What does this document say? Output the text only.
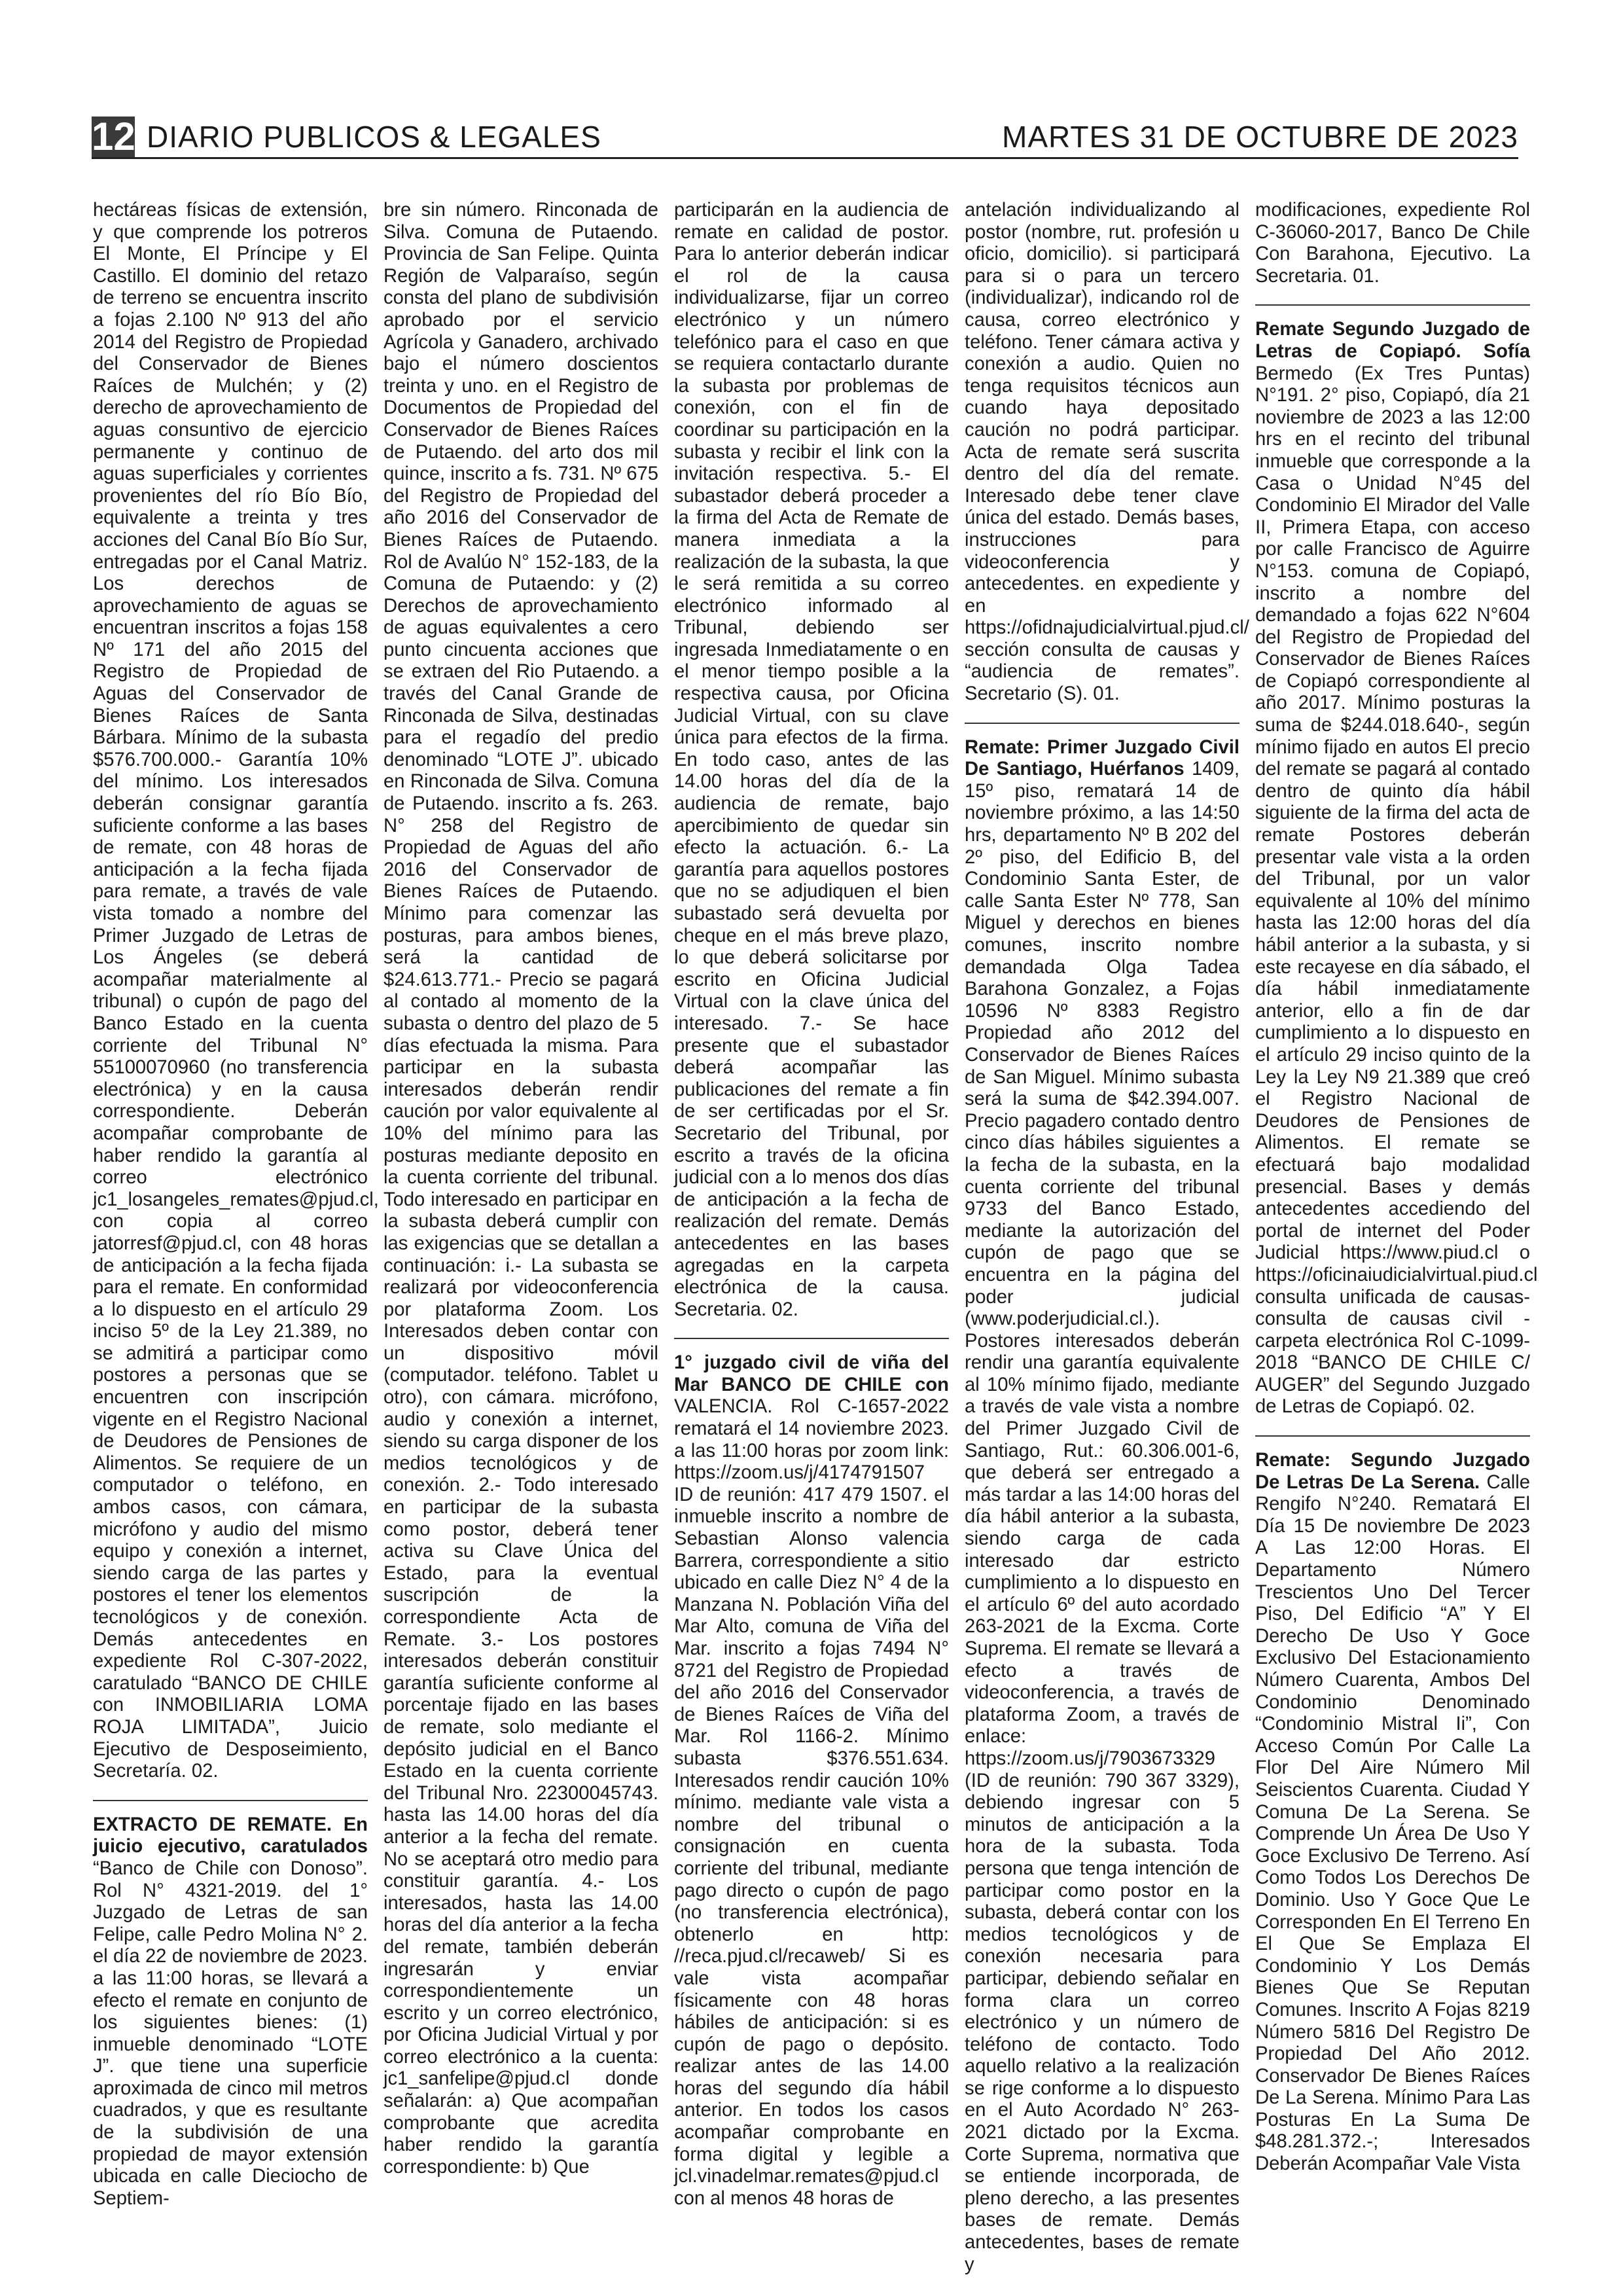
12 DIARIO PUBLICOS & LEGALES	MARTES 31 DE OCTUBRE DE 2023

hectáreas físicas de extensión, y que comprende los potreros El Monte, El Príncipe y El Castillo. El dominio del retazo de terreno se encuentra inscrito a fojas 2.100 Nº 913 del año 2014 del Registro de Propiedad del Conservador de Bienes Raíces de Mulchén; y (2) derecho de aprovechamiento de aguas consuntivo de ejercicio permanente y continuo de aguas superficiales y corrientes provenientes del río Bío Bío, equivalente a treinta y tres acciones del Canal Bío Bío Sur, entregadas por el Canal Matriz. Los derechos de aprovechamiento de aguas se encuentran inscritos a fojas 158 Nº 171 del año 2015 del Registro de Propiedad de Aguas del Conservador de Bienes Raíces de Santa Bárbara. Mínimo de la subasta $576.700.000.- Garantía 10% del mínimo. Los interesados deberán consignar garantía suficiente conforme a las bases de remate, con 48 horas de anticipación a la fecha fijada para remate, a través de vale vista tomado a nombre del Primer Juzgado de Letras de Los Ángeles (se deberá acompañar materialmente al tribunal) o cupón de pago del Banco Estado en la cuenta corriente del Tribunal N° 55100070960 (no transferencia electrónica) y en la causa correspondiente. Deberán acompañar comprobante de haber rendido la garantía al correo electrónico jc1_losangeles_remates@pjud.cl, con copia al correo jatorresf@pjud.cl, con 48 horas de anticipación a la fecha fijada para el remate. En conformidad a lo dispuesto en el artículo 29 inciso 5º de la Ley 21.389, no se admitirá a participar como postores a personas que se encuentren con inscripción vigente en el Registro Nacional de Deudores de Pensiones de Alimentos. Se requiere de un computador o teléfono, en ambos casos, con cámara, micrófono y audio del mismo equipo y conexión a internet, siendo carga de las partes y postores el tener los elementos tecnológicos y de conexión. Demás antecedentes en expediente Rol C-307-2022, caratulado “BANCO DE CHILE con INMOBILIARIA LOMA ROJA LIMITADA”, Juicio Ejecutivo de Desposeimiento, Secretaría. 02.

EXTRACTO DE REMATE. En juicio ejecutivo, caratulados “Banco de Chile con Donoso”. Rol N° 4321-2019. del 1° Juzgado de Letras de san Felipe, calle Pedro Molina N° 2. el día 22 de noviembre de 2023. a las 11:00 horas, se llevará a efecto el remate en conjunto de los siguientes bienes: (1) inmueble denominado “LOTE J”. que tiene una superficie aproximada de cinco mil metros cuadrados, y que es resultante de la subdivisión de una propiedad de mayor extensión ubicada en calle Dieciocho de Septiem-

bre sin número. Rinconada de Silva. Comuna de Putaendo. Provincia de San Felipe. Quinta Región de Valparaíso, según consta del plano de subdivisión aprobado por el servicio Agrícola y Ganadero, archivado bajo el número doscientos treinta y uno. en el Registro de Documentos de Propiedad del Conservador de Bienes Raíces de Putaendo. del arto dos mil quince, inscrito a fs. 731. Nº 675 del Registro de Propiedad del año 2016 del Conservador de Bienes Raíces de Putaendo. Rol de Avalúo N° 152-183, de la Comuna de Putaendo: y (2) Derechos de aprovechamiento de aguas equivalentes a cero punto cincuenta acciones que se extraen del Rio Putaendo. a través del Canal Grande de Rinconada de Silva, destinadas para el regadío del predio denominado “LOTE J”. ubicado en Rinconada de Silva. Comuna de Putaendo. inscrito a fs. 263. N° 258 del Registro de Propiedad de Aguas del año 2016 del Conservador de Bienes Raíces de Putaendo. Mínimo para comenzar las posturas, para ambos bienes, será la cantidad de $24.613.771.- Precio se pagará al contado al momento de la subasta o dentro del plazo de 5 días efectuada la misma. Para participar en la subasta interesados deberán rendir caución por valor equivalente al 10% del mínimo para las posturas mediante deposito en la cuenta corriente del tribunal. Todo interesado en participar en la subasta deberá cumplir con las exigencias que se detallan a continuación: i.- La subasta se realizará por videoconferencia por plataforma Zoom. Los Interesados deben contar con un dispositivo móvil (computador. teléfono. Tablet u otro), con cámara. micrófono, audio y conexión a internet, siendo su carga disponer de los medios tecnológicos y de conexión. 2.- Todo interesado en participar de la subasta como postor, deberá tener activa su Clave Única del Estado, para la eventual suscripción de la correspondiente Acta de Remate. 3.- Los postores interesados deberán constituir garantía suficiente conforme al porcentaje fijado en las bases de remate, solo mediante el depósito judicial en el Banco Estado en la cuenta corriente del Tribunal Nro. 22300045743. hasta las 14.00 horas del día anterior a la fecha del remate. No se aceptará otro medio para constituir garantía. 4.- Los interesados, hasta las 14.00 horas del día anterior a la fecha del remate, también deberán ingresarán y enviar correspondientemente un escrito y un correo electrónico, por Oficina Judicial Virtual y por correo electrónico a la cuenta: jc1_sanfelipe@pjud.cl donde señalarán: a) Que acompañan comprobante que acredita haber rendido la garantía correspondiente: b) Que

participarán en la audiencia de remate en calidad de postor. Para lo anterior deberán indicar el rol de la causa individualizarse, fijar un correo electrónico y un número telefónico para el caso en que se requiera contactarlo durante la subasta por problemas de conexión, con el fin de coordinar su participación en la subasta y recibir el link con la invitación respectiva. 5.- El subastador deberá proceder a la firma del Acta de Remate de manera inmediata a la realización de la subasta, la que le será remitida a su correo electrónico informado al Tribunal, debiendo ser ingresada Inmediatamente o en el menor tiempo posible a la respectiva causa, por Oficina Judicial Virtual, con su clave única para efectos de la firma. En todo caso, antes de las 14.00 horas del día de la audiencia de remate, bajo apercibimiento de quedar sin efecto la actuación. 6.- La garantía para aquellos postores que no se adjudiquen el bien subastado será devuelta por cheque en el más breve plazo, lo que deberá solicitarse por escrito en Oficina Judicial Virtual con la clave única del interesado. 7.- Se hace presente que el subastador deberá acompañar las publicaciones del remate a fin de ser certificadas por el Sr. Secretario del Tribunal, por escrito a través de la oficina judicial con a lo menos dos días de anticipación a la fecha de realización del remate. Demás antecedentes en las bases agregadas en la carpeta electrónica de la causa. Secretaria. 02.

1° juzgado civil de viña del Mar BANCO DE CHILE con VALENCIA. Rol C-1657-2022 rematará el 14 noviembre 2023. a las 11:00 horas por zoom link: https://zoom.us/j/4174791507 ID de reunión: 417 479 1507. el inmueble inscrito a nombre de Sebastian Alonso valencia Barrera, correspondiente a sitio ubicado en calle Diez N° 4 de la Manzana N. Población Viña del Mar Alto, comuna de Viña del Mar. inscrito a fojas 7494 N° 8721 del Registro de Propiedad del año 2016 del Conservador de Bienes Raíces de Viña del Mar. Rol 1166-2. Mínimo subasta $376.551.634. Interesados rendir caución 10% mínimo. mediante vale vista a nombre del tribunal o consignación en cuenta corriente del tribunal, mediante pago directo o cupón de pago (no transferencia electrónica), obtenerlo en http: //reca.pjud.cl/recaweb/ Si es vale vista acompañar físicamente con 48 horas hábiles de anticipación: si es cupón de pago o depósito. realizar antes de las 14.00 horas del segundo día hábil anterior. En todos los casos acompañar comprobante en forma digital y legible a jcl.vinadelmar.remates@pjud.cl con al menos 48 horas de

antelación individualizando al postor (nombre, rut. profesión u oficio, domicilio). si participará para si o para un tercero (individualizar), indicando rol de causa, correo electrónico y teléfono. Tener cámara activa y conexión a audio. Quien no tenga requisitos técnicos aun cuando haya depositado caución no podrá participar. Acta de remate será suscrita dentro del día del remate. Interesado debe tener clave única del estado. Demás bases, instrucciones para videoconferencia y antecedentes. en expediente y en https://ofidnajudicialvirtual.pjud.cl/ sección consulta de causas y “audiencia de remates”. Secretario (S). 01.

Remate: Primer Juzgado Civil De Santiago, Huérfanos 1409, 15º piso, rematará 14 de noviembre próximo, a las 14:50 hrs, departamento Nº B 202 del 2º piso, del Edificio B, del Condominio Santa Ester, de calle Santa Ester Nº 778, San Miguel y derechos en bienes comunes, inscrito nombre demandada Olga Tadea Barahona Gonzalez, a Fojas 10596 Nº 8383 Registro Propiedad año 2012 del Conservador de Bienes Raíces de San Miguel. Mínimo subasta será la suma de $42.394.007. Precio pagadero contado dentro cinco días hábiles siguientes a la fecha de la subasta, en la cuenta corriente del tribunal 9733 del Banco Estado, mediante la autorización del cupón de pago que se encuentra en la página del poder judicial (www.poderjudicial.cl.). Postores interesados deberán rendir una garantía equivalente al 10% mínimo fijado, mediante a través de vale vista a nombre del Primer Juzgado Civil de Santiago, Rut.: 60.306.001-6, que deberá ser entregado a más tardar a las 14:00 horas del día hábil anterior a la subasta, siendo carga de cada interesado dar estricto cumplimiento a lo dispuesto en el artículo 6º del auto acordado 263-2021 de la Excma. Corte Suprema. El remate se llevará a efecto a través de videoconferencia, a través de plataforma Zoom, a través de enlace: https://zoom.us/j/7903673329 (ID de reunión: 790 367 3329), debiendo ingresar con 5 minutos de anticipación a la hora de la subasta. Toda persona que tenga intención de participar como postor en la subasta, deberá contar con los medios tecnológicos y de conexión necesaria para participar, debiendo señalar en forma clara un correo electrónico y un número de teléfono de contacto. Todo aquello relativo a la realización se rige conforme a lo dispuesto en el Auto Acordado N° 263-2021 dictado por la Excma. Corte Suprema, normativa que se entiende incorporada, de pleno derecho, a las presentes bases de remate. Demás antecedentes, bases de remate y

modificaciones, expediente Rol C-36060-2017, Banco De Chile Con Barahona, Ejecutivo. La Secretaria. 01.

Remate Segundo Juzgado de Letras de Copiapó. Sofía Bermedo (Ex Tres Puntas) N°191. 2° piso, Copiapó, día 21 noviembre de 2023 a las 12:00 hrs en el recinto del tribunal inmueble que corresponde a la Casa o Unidad N°45 del Condominio El Mirador del Valle II, Primera Etapa, con acceso por calle Francisco de Aguirre N°153. comuna de Copiapó, inscrito a nombre del demandado a fojas 622 N°604 del Registro de Propiedad del Conservador de Bienes Raíces de Copiapó correspondiente al año 2017. Mínimo posturas la suma de $244.018.640-, según mínimo fijado en autos El precio del remate se pagará al contado dentro de quinto día hábil siguiente de la firma del acta de remate Postores deberán presentar vale vista a la orden del Tribunal, por un valor equivalente al 10% del mínimo hasta las 12:00 horas del día hábil anterior a la subasta, y si este recayese en día sábado, el día hábil inmediatamente anterior, ello a fin de dar cumplimiento a lo dispuesto en el artículo 29 inciso quinto de la Ley la Ley N9 21.389 que creó el Registro Nacional de Deudores de Pensiones de Alimentos. El remate se efectuará bajo modalidad presencial. Bases y demás antecedentes accediendo del portal de internet del Poder Judicial https://www.piud.cl o https://oficinaiudicialvirtual.piud.cl consulta unificada de causas- consulta de causas civil - carpeta electrónica Rol C-1099-2018 “BANCO DE CHILE C/ AUGER” del Segundo Juzgado de Letras de Copiapó. 02.

Remate: Segundo Juzgado De Letras De La Serena. Calle Rengifo N°240. Rematará El Día 15 De noviembre De 2023 A Las 12:00 Horas. El Departamento Número Trescientos Uno Del Tercer Piso, Del Edificio “A” Y El Derecho De Uso Y Goce Exclusivo Del Estacionamiento Número Cuarenta, Ambos Del Condominio Denominado “Condominio Mistral Ii”, Con Acceso Común Por Calle La Flor Del Aire Número Mil Seiscientos Cuarenta. Ciudad Y Comuna De La Serena. Se Comprende Un Área De Uso Y Goce Exclusivo De Terreno. Así Como Todos Los Derechos De Dominio. Uso Y Goce Que Le Corresponden En El Terreno En El Que Se Emplaza El Condominio Y Los Demás Bienes Que Se Reputan Comunes. Inscrito A Fojas 8219 Número 5816 Del Registro De Propiedad Del Año 2012. Conservador De Bienes Raíces De La Serena. Mínimo Para Las Posturas En La Suma De $48.281.372.-; Interesados Deberán Acompañar Vale Vista
